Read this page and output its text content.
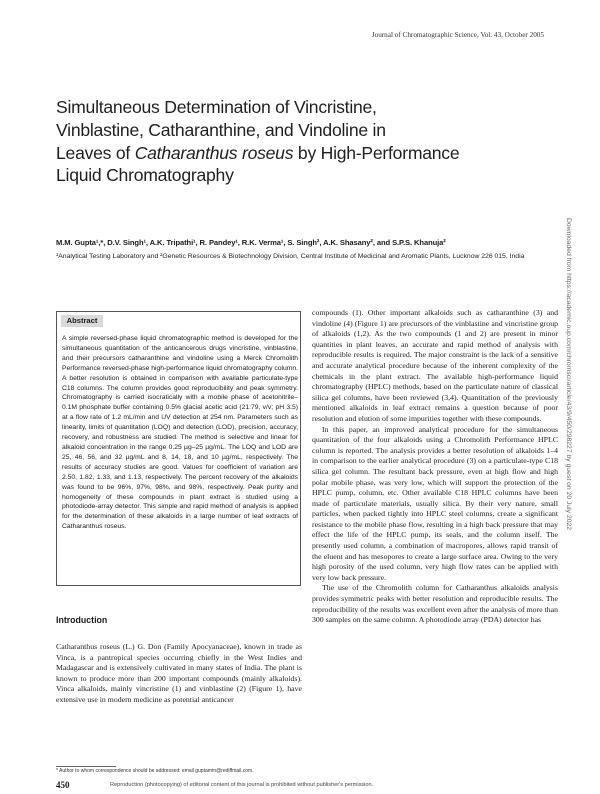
Journal of Chromatographic Science, Vol. 43, October 2005
Simultaneous Determination of Vincristine,
Vinblastine, Catharanthine, and Vindoline in
Leaves of Catharanthus roseus by High-Performance
Liquid Chromatography
M.M. Gupta¹,*, D.V. Singh¹, A.K. Tripathi¹, R. Pandey¹, R.K. Verma¹, S. Singh², A.K. Shasany², and S.P.S. Khanuja²
¹Analytical Testing Laboratory and ²Genetic Resources & Biotechnology Division, Central Institute of Medicinal and Aromatic Plants, Lucknow 226 015, India
Abstract
A simple reversed-phase liquid chromatographic method is developed for the simultaneous quantitation of the anticancerous drugs vincristine, vinblastine, and their precursors catharanthine and vindoline using a Merck Chromolith Performance reversed-phase high-performance liquid chromatography column. A better resolution is obtained in comparison with available particulate-type C18 columns. The column provides good reproducibility and peak symmetry. Chromatography is carried isocratically with a mobile phase of acetonitrile–0.1M phosphate buffer containing 0.5% glacial acetic acid (21:79, v/v; pH 3.5) at a flow rate of 1.2 mL/min and UV detection at 254 nm. Parameters such as linearity, limits of quantitation (LOQ) and detection (LOD), precision, accuracy, recovery, and robustness are studied. The method is selective and linear for alkaloid concentration in the range 0.25 µg–25 µg/mL. The LOQ and LOD are 25, 46, 56, and 32 µg/mL and 8, 14, 18, and 10 µg/mL, respectively. The results of accuracy studies are good. Values for coefficient of variation are 2.50, 1.82, 1.33, and 1.13, respectively. The percent recovery of the alkaloids was found to be 96%, 97%, 98%, and 98%, respectively. Peak purity and homogeneity of these compounds in plant extract is studied using a photodiode-array detector. This simple and rapid method of analysis is applied for the determination of these alkaloids in a large number of leaf extracts of Catharanthus roseus.
Introduction
Catharanthus roseus (L.) G. Don (Family Apocyanaceae), known in trade as Vinca, is a pantropical species occurring chiefly in the West Indies and Madagascar and is extensively cultivated in many states of India. The plant is known to produce more than 200 important compounds (mainly alkaloids). Vinca alkaloids, mainly vincristine (1) and vinblastine (2) (Figure 1), have extensive use in modern medicine as potential anticancer

compounds (1). Other important alkaloids such as catharanthine (3) and vindoline (4) (Figure 1) are precursors of the vinblastine and vincristine group of alkaloids (1,2). As the two compounds (1 and 2) are present in minor quantities in plant leaves, an accurate and rapid method of analysis with reproducible results is required. The major constraint is the lack of a sensitive and accurate analytical procedure because of the inherent complexity of the chemicals in the plant extract. The available high-performance liquid chromatography (HPLC) methods, based on the particulate nature of classical silica gel columns, have been reviewed (3,4). Quantitation of the previously mentioned alkaloids in leaf extract remains a question because of poor resolution and elution of some impurities together with these compounds.

In this paper, an improved analytical procedure for the simultaneous quantitation of the four alkaloids using a Chromolith Performance HPLC column is reported. The analysis provides a better resolution of alkaloids 1–4 in comparison to the earlier analytical procedure (3) on a particulate-type C18 silica gel column. The resultant back pressure, even at high flow and high polar mobile phase, was very low, which will support the protection of the HPLC pump, column, etc. Other available C18 HPLC columns have been made of particulate materials, usually silica. By their very nature, small particles, when packed tightly into HPLC steel columns, create a significant resistance to the mobile phase flow, resulting in a high back pressure that may effect the life of the HPLC pump, its seals, and the column itself. The presently used column, a combination of macropores, allows rapid transit of the eluent and has mesopores to create a large surface area. Owing to the very high porosity of the used column, very high flow rates can be applied with very low back pressure.

The use of the Chromolith column for Catharanthus alkaloids analysis provides symmetric peaks with better resolution and reproducible results. The reproducibility of the results was excellent even after the analysis of more than 300 samples on the same column. A photodiode array (PDA) detector has

* Author to whom correspondence should be addressed: email guptamm@rediffmail.com.
450	Reproduction (photocopying) of editorial content of this journal is prohibited without publisher's permission.
Downloaded from https://academic.oup.com/chromsci/article/43/9/450/298227 by guest on 20 July 2022
